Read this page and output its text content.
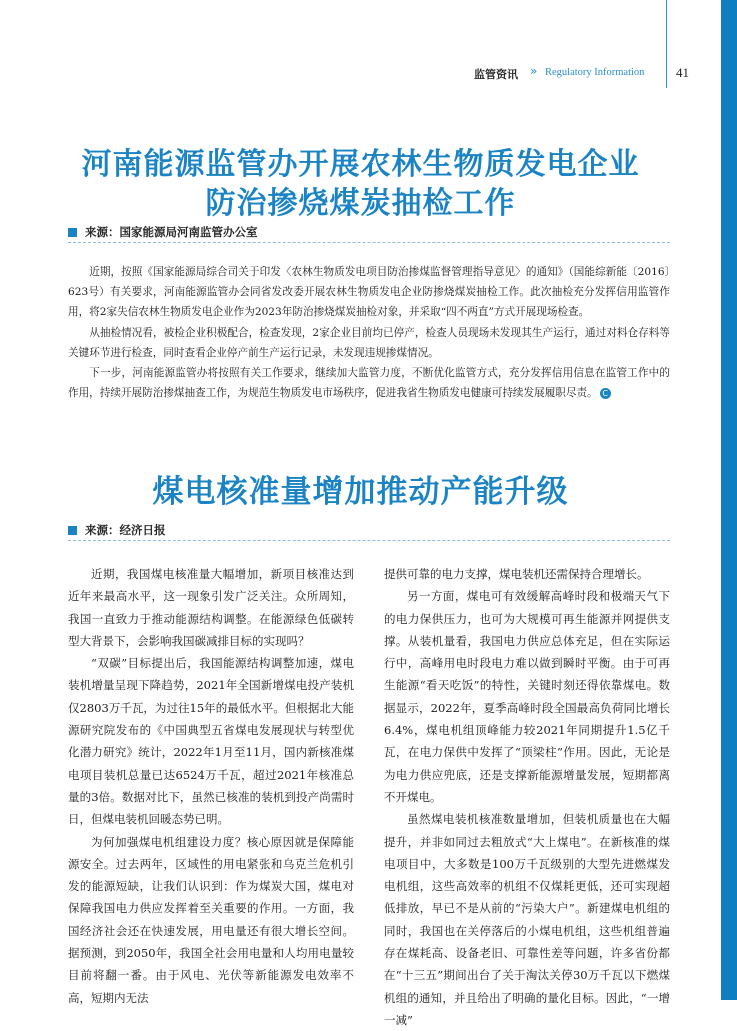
监管资讯 » Regulatory Information 41
河南能源监管办开展农林生物质发电企业
防治掺烧煤炭抽检工作
来源：国家能源局河南监管办公室

近期，按照《国家能源局综合司关于印发〈农林生物质发电项目防治掺煤监督管理指导意见〉的通知》（国能综新能〔2016〕623号）有关要求，河南能源监管办会同省发改委开展农林生物质发电企业防掺烧煤炭抽检工作。此次抽检充分发挥信用监管作用，将2家失信农林生物质发电企业作为2023年防治掺烧煤炭抽检对象，并采取“四不两直”方式开展现场检查。

从抽检情况看，被检企业积极配合，检查发现，2家企业目前均已停产，检查人员现场未发现其生产运行，通过对料仓存料等关键环节进行检查，同时查看企业停产前生产运行记录，未发现违规掺煤情况。

下一步，河南能源监管办将按照有关工作要求，继续加大监管力度，不断优化监管方式，充分发挥信用信息在监管工作中的作用，持续开展防治掺煤抽查工作，为规范生物质发电市场秩序，促进我省生物质发电健康可持续发展履职尽责。 C

煤电核准量增加推动产能升级
来源：经济日报

近期，我国煤电核准量大幅增加，新项目核准达到近年来最高水平，这一现象引发广泛关注。众所周知，我国一直致力于推动能源结构调整。在能源绿色低碳转型大背景下，会影响我国碳减排目标的实现吗？

“双碳”目标提出后，我国能源结构调整加速，煤电装机增量呈现下降趋势，2021年全国新增煤电投产装机仅2803万千瓦，为过往15年的最低水平。但根据北大能源研究院发布的《中国典型五省煤电发展现状与转型优化潜力研究》统计，2022年1月至11月，国内新核准煤电项目装机总量已达6524万千瓦，超过2021年核准总量的3倍。数据对比下，虽然已核准的装机到投产尚需时日，但煤电装机回暖态势已明。

为何加强煤电机组建设力度？核心原因就是保障能源安全。过去两年，区域性的用电紧张和乌克兰危机引发的能源短缺，让我们认识到：作为煤炭大国，煤电对保障我国电力供应发挥着至关重要的作用。一方面，我国经济社会还在快速发展，用电量还有很大增长空间。据预测，到2050年，我国全社会用电量和人均用电量较目前将翻一番。由于风电、光伏等新能源发电效率不高，短期内无法

提供可靠的电力支撑，煤电装机还需保持合理增长。

另一方面，煤电可有效缓解高峰时段和极端天气下的电力保供压力，也可为大规模可再生能源并网提供支撑。从装机量看，我国电力供应总体充足，但在实际运行中，高峰用电时段电力难以做到瞬时平衡。由于可再生能源“看天吃饭”的特性，关键时刻还得依靠煤电。数据显示，2022年，夏季高峰时段全国最高负荷同比增长6.4%，煤电机组顶峰能力较2021年同期提升1.5亿千瓦，在电力保供中发挥了“顶梁柱”作用。因此，无论是为电力供应兜底，还是支撑新能源增量发展，短期都离不开煤电。

虽然煤电装机核准数量增加，但装机质量也在大幅提升，并非如同过去粗放式“大上煤电”。在新核准的煤电项目中，大多数是100万千瓦级别的大型先进燃煤发电机组，这些高效率的机组不仅煤耗更低，还可实现超低排放，早已不是从前的“污染大户”。新建煤电机组的同时，我国也在关停落后的小煤电机组，这些机组普遍存在煤耗高、设备老旧、可靠性差等问题，许多省份都在“十三五”期间出台了关于淘汰关停30万千瓦以下燃煤机组的通知，并且给出了明确的量化目标。因此，“一增一减”
